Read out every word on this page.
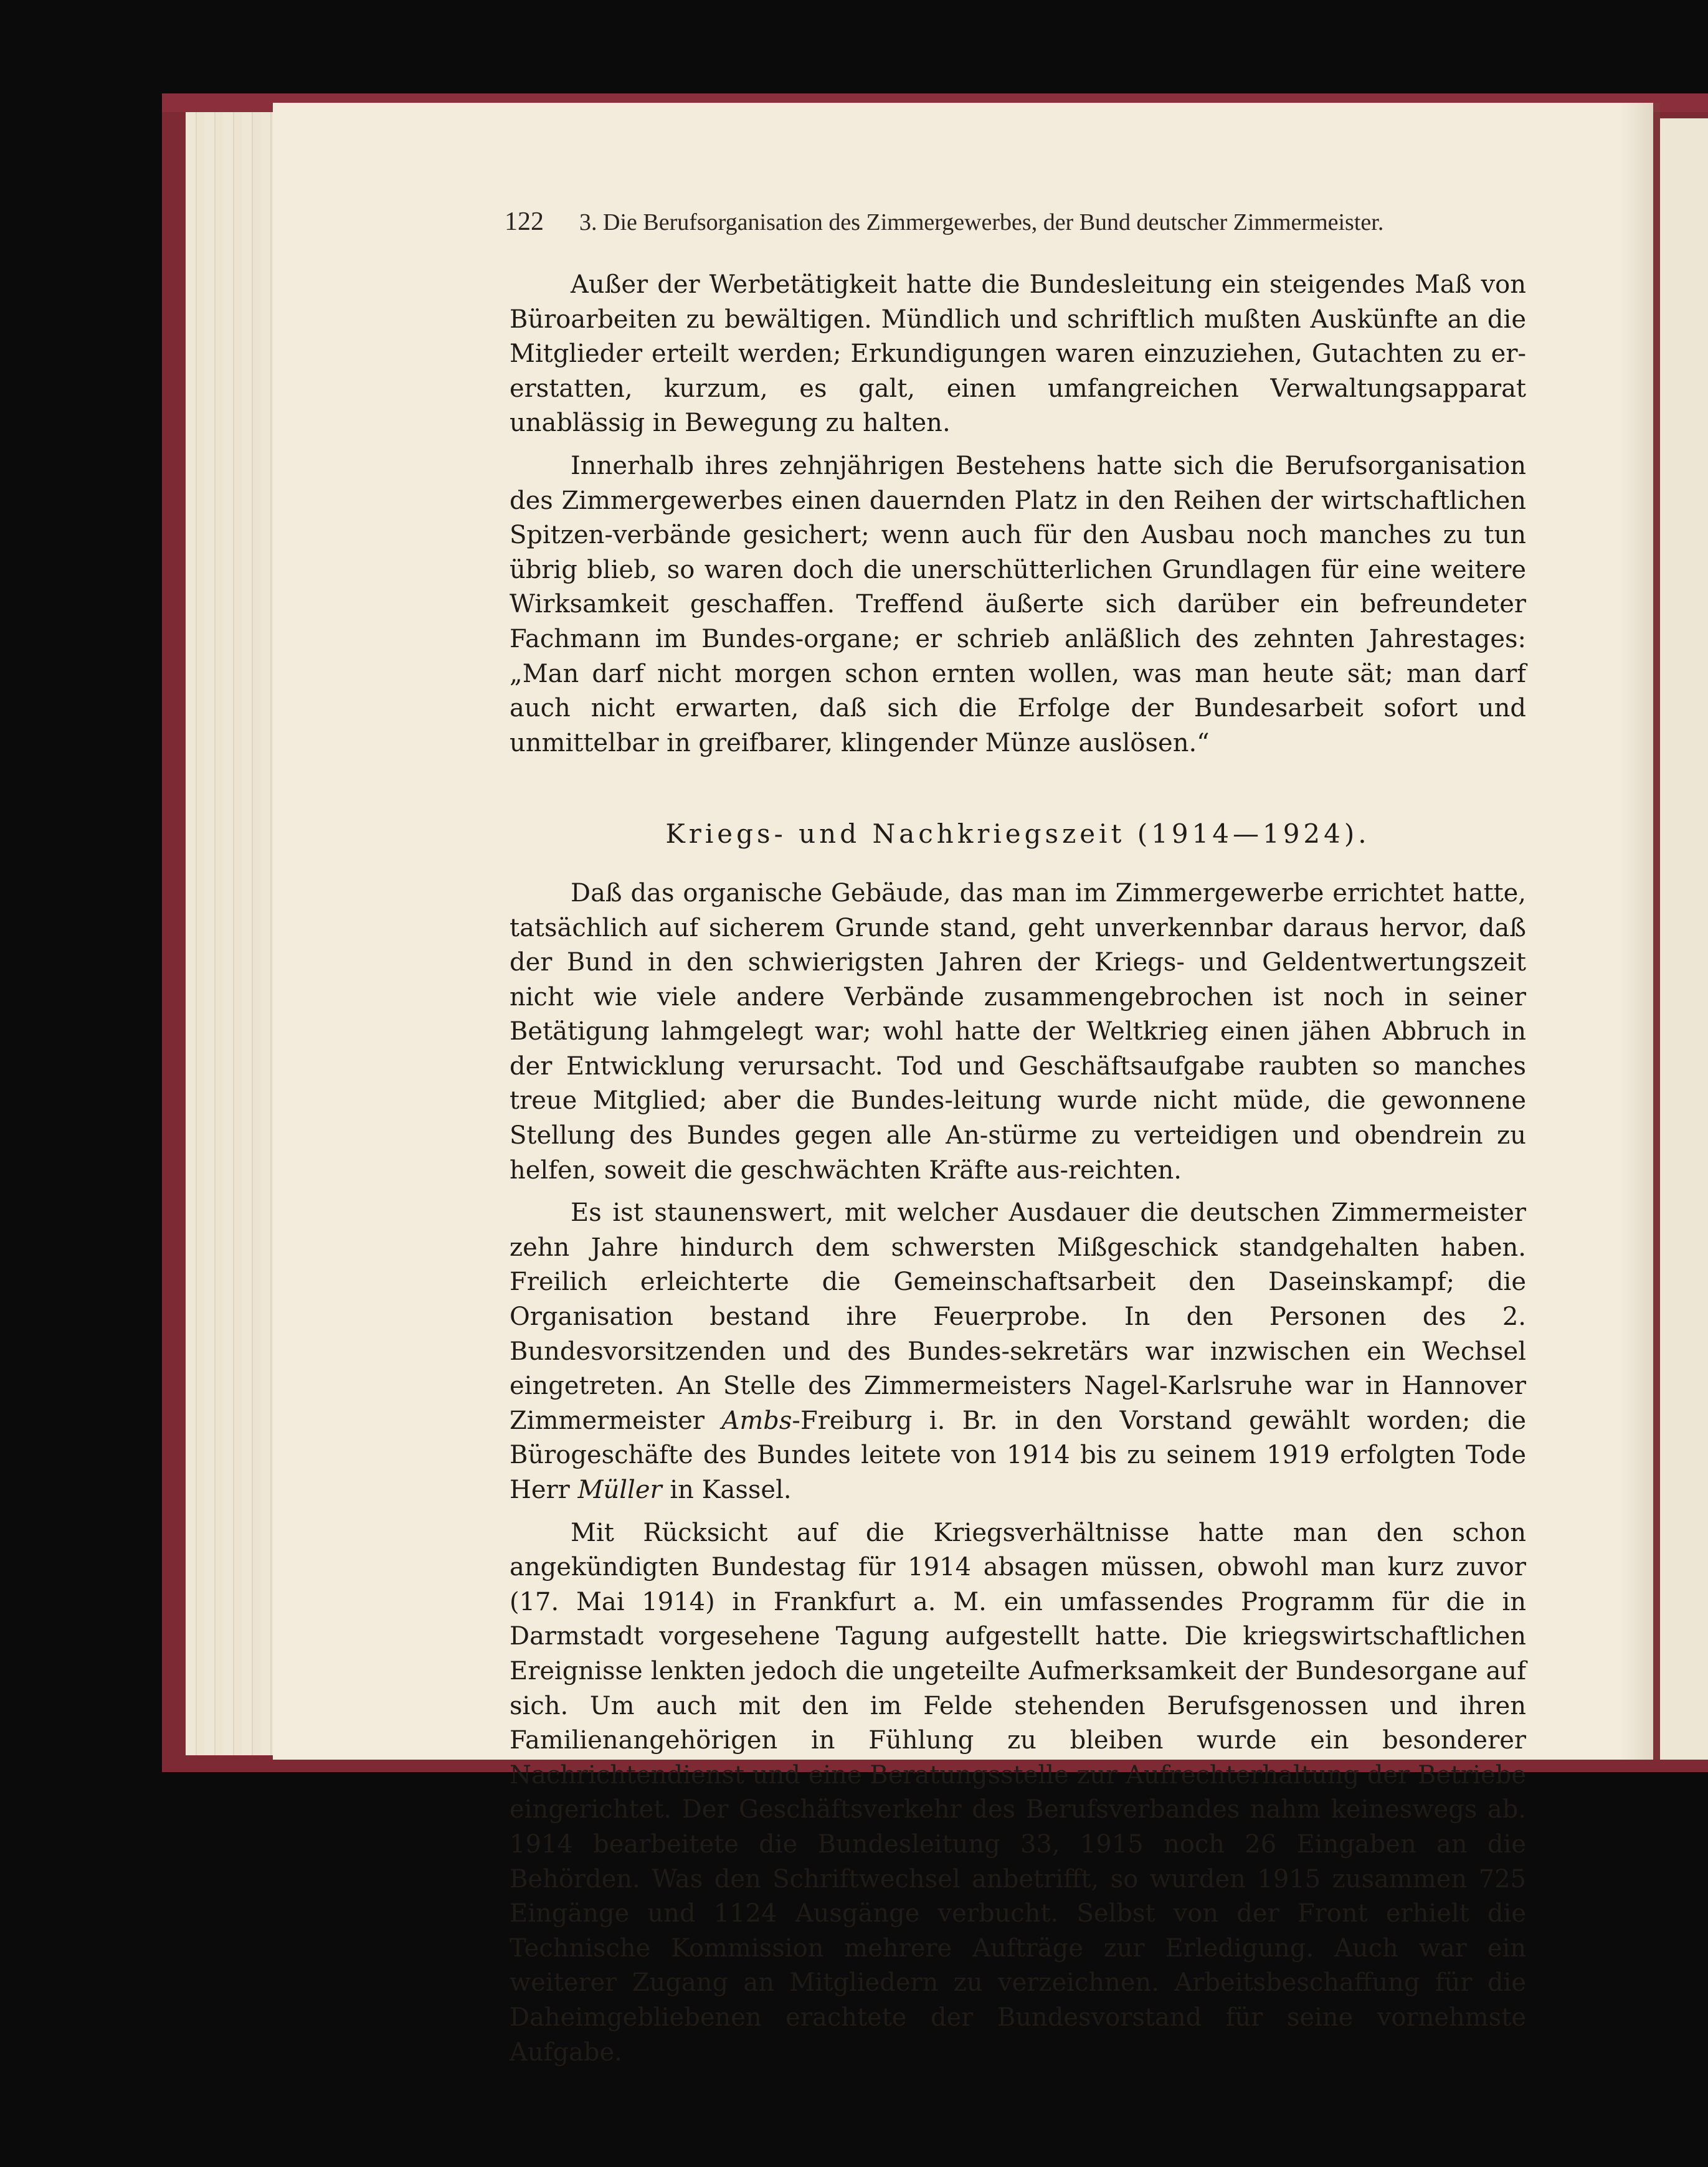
122 3. Die Berufsorganisation des Zimmergewerbes, der Bund deutscher Zimmermeister.

Außer der Werbetätigkeit hatte die Bundesleitung ein steigendes Maß von Büroarbeiten zu bewältigen. Mündlich und schriftlich mußten Auskünfte an die Mitglieder erteilt werden; Erkundigungen waren einzuziehen, Gutachten zu er-erstatten, kurzum, es galt, einen umfangreichen Verwaltungsapparat unablässig in Bewegung zu halten.

Innerhalb ihres zehnjährigen Bestehens hatte sich die Berufsorganisation des Zimmergewerbes einen dauernden Platz in den Reihen der wirtschaftlichen Spitzen-verbände gesichert; wenn auch für den Ausbau noch manches zu tun übrig blieb, so waren doch die unerschütterlichen Grundlagen für eine weitere Wirksamkeit geschaffen. Treffend äußerte sich darüber ein befreundeter Fachmann im Bundes-organe; er schrieb anläßlich des zehnten Jahrestages: „Man darf nicht morgen schon ernten wollen, was man heute sät; man darf auch nicht erwarten, daß sich die Erfolge der Bundesarbeit sofort und unmittelbar in greifbarer, klingender Münze auslösen.“

Kriegs- und Nachkriegszeit (1914—1924).

Daß das organische Gebäude, das man im Zimmergewerbe errichtet hatte, tatsächlich auf sicherem Grunde stand, geht unverkennbar daraus hervor, daß der Bund in den schwierigsten Jahren der Kriegs- und Geldentwertungszeit nicht wie viele andere Verbände zusammengebrochen ist noch in seiner Betätigung lahmgelegt war; wohl hatte der Weltkrieg einen jähen Abbruch in der Entwicklung verursacht. Tod und Geschäftsaufgabe raubten so manches treue Mitglied; aber die Bundes-leitung wurde nicht müde, die gewonnene Stellung des Bundes gegen alle An-stürme zu verteidigen und obendrein zu helfen, soweit die geschwächten Kräfte aus-reichten.

Es ist staunenswert, mit welcher Ausdauer die deutschen Zimmermeister zehn Jahre hindurch dem schwersten Mißgeschick standgehalten haben. Freilich erleichterte die Gemeinschaftsarbeit den Daseinskampf; die Organisation bestand ihre Feuerprobe. In den Personen des 2. Bundesvorsitzenden und des Bundes-sekretärs war inzwischen ein Wechsel eingetreten. An Stelle des Zimmermeisters Nagel-Karlsruhe war in Hannover Zimmermeister Ambs-Freiburg i. Br. in den Vorstand gewählt worden; die Bürogeschäfte des Bundes leitete von 1914 bis zu seinem 1919 erfolgten Tode Herr Müller in Kassel.

Mit Rücksicht auf die Kriegsverhältnisse hatte man den schon angekündigten Bundestag für 1914 absagen müssen, obwohl man kurz zuvor (17. Mai 1914) in Frankfurt a. M. ein umfassendes Programm für die in Darmstadt vorgesehene Tagung aufgestellt hatte. Die kriegswirtschaftlichen Ereignisse lenkten jedoch die ungeteilte Aufmerksamkeit der Bundesorgane auf sich. Um auch mit den im Felde stehenden Berufsgenossen und ihren Familienangehörigen in Fühlung zu bleiben wurde ein besonderer Nachrichtendienst und eine Beratungsstelle zur Aufrechterhaltung der Betriebe eingerichtet. Der Geschäftsverkehr des Berufsverbandes nahm keineswegs ab. 1914 bearbeitete die Bundesleitung 33, 1915 noch 26 Eingaben an die Behörden. Was den Schriftwechsel anbetrifft, so wurden 1915 zusammen 725 Eingänge und 1124 Ausgänge verbucht. Selbst von der Front erhielt die Technische Kommission mehrere Aufträge zur Erledigung. Auch war ein weiterer Zugang an Mitgliedern zu verzeichnen. Arbeitsbeschaffung für die Daheimgebliebenen erachtete der Bundesvorstand für seine vornehmste Aufgabe.
